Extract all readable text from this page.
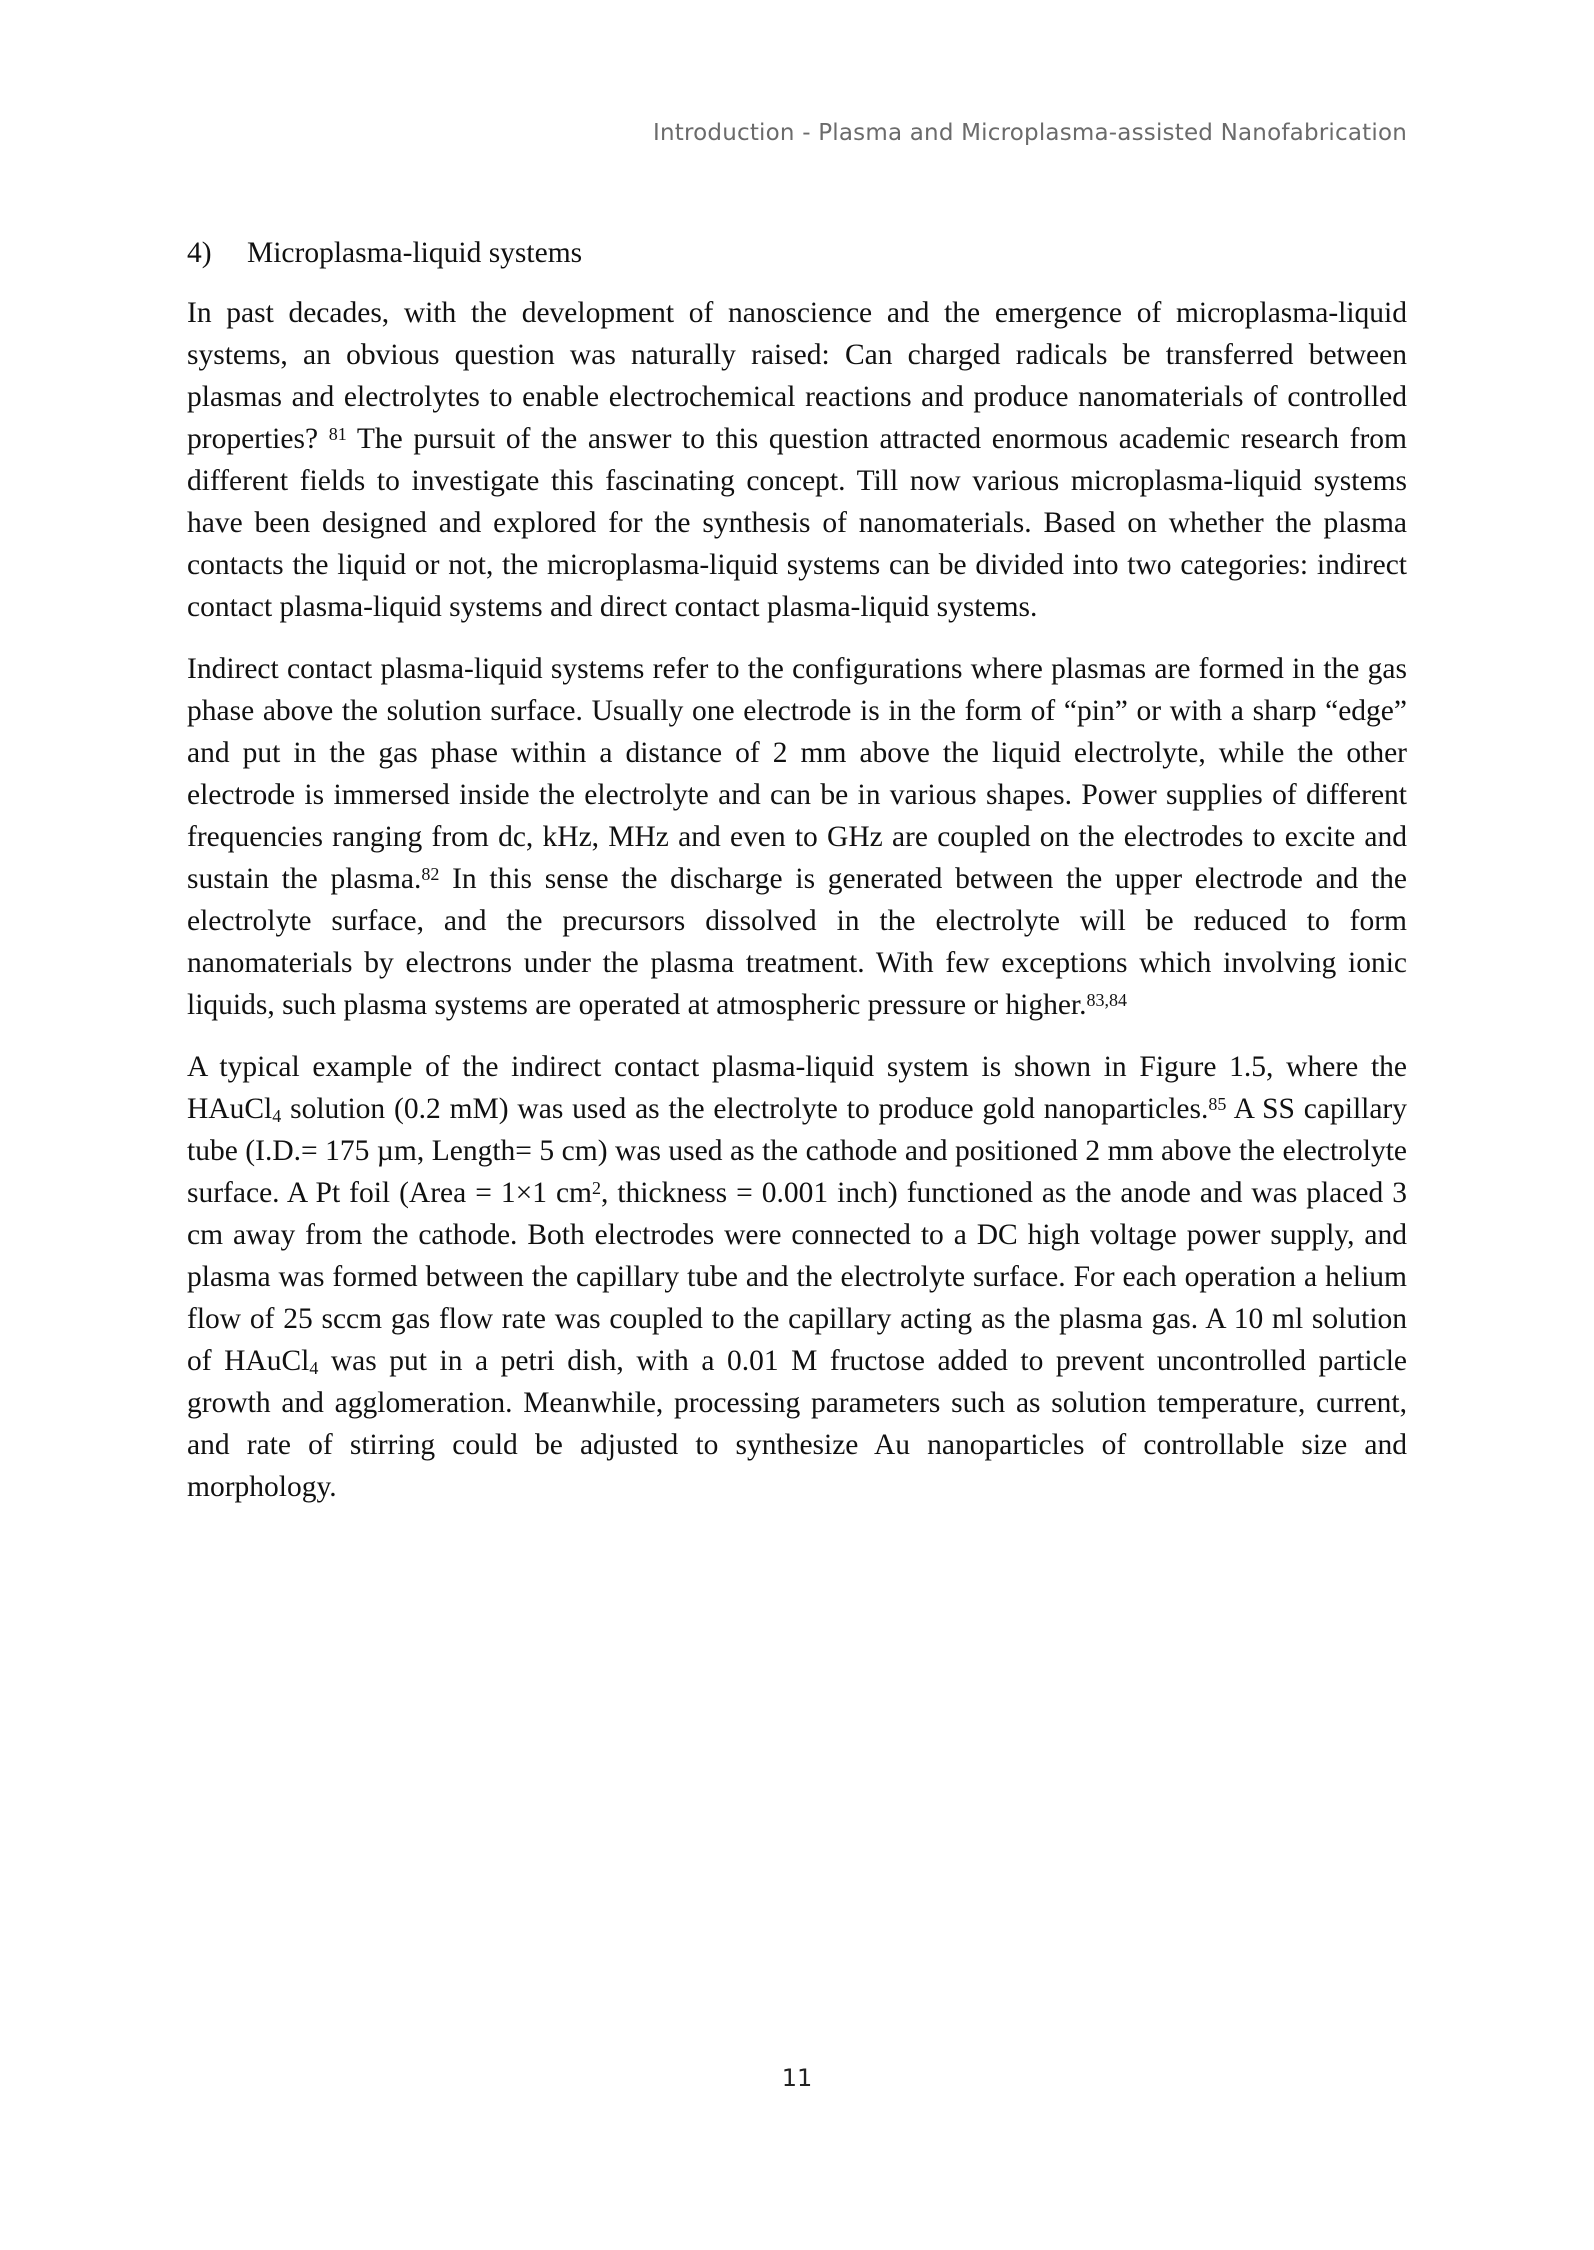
Introduction - Plasma and Microplasma-assisted Nanofabrication
4) Microplasma-liquid systems

In past decades, with the development of nanoscience and the emergence of microplasma-liquid systems, an obvious question was naturally raised: Can charged radicals be transferred between plasmas and electrolytes to enable electrochemical reactions and produce nanomaterials of controlled properties? $^{81}$ The pursuit of the answer to this question attracted enormous academic research from different fields to investigate this fascinating concept. Till now various microplasma-liquid systems have been designed and explored for the synthesis of nanomaterials. Based on whether the plasma contacts the liquid or not, the microplasma-liquid systems can be divided into two categories: indirect contact plasma-liquid systems and direct contact plasma-liquid systems.

Indirect contact plasma-liquid systems refer to the configurations where plasmas are formed in the gas phase above the solution surface. Usually one electrode is in the form of “pin” or with a sharp “edge” and put in the gas phase within a distance of 2 mm above the liquid electrolyte, while the other electrode is immersed inside the electrolyte and can be in various shapes. Power supplies of different frequencies ranging from dc, kHz, MHz and even to GHz are coupled on the electrodes to excite and sustain the plasma.$^{82}$ In this sense the discharge is generated between the upper electrode and the electrolyte surface, and the precursors dissolved in the electrolyte will be reduced to form nanomaterials by electrons under the plasma treatment. With few exceptions which involving ionic liquids, such plasma systems are operated at atmospheric pressure or higher.$^{83,84}$

A typical example of the indirect contact plasma-liquid system is shown in Figure 1.5, where the HAuCl$_4$ solution (0.2 mM) was used as the electrolyte to produce gold nanoparticles.$^{85}$ A SS capillary tube (I.D.= 175 µm, Length= 5 cm) was used as the cathode and positioned 2 mm above the electrolyte surface. A Pt foil (Area = 1×1 $cm^2$, thickness = 0.001 inch) functioned as the anode and was placed 3 cm away from the cathode. Both electrodes were connected to a DC high voltage power supply, and plasma was formed between the capillary tube and the electrolyte surface. For each operation a helium flow of 25 sccm gas flow rate was coupled to the capillary acting as the plasma gas. A 10 ml solution of HAuCl$_4$ was put in a petri dish, with a 0.01 M fructose added to prevent uncontrolled particle growth and agglomeration. Meanwhile, processing parameters such as solution temperature, current, and rate of stirring could be adjusted to synthesize Au nanoparticles of controllable size and morphology.

11
